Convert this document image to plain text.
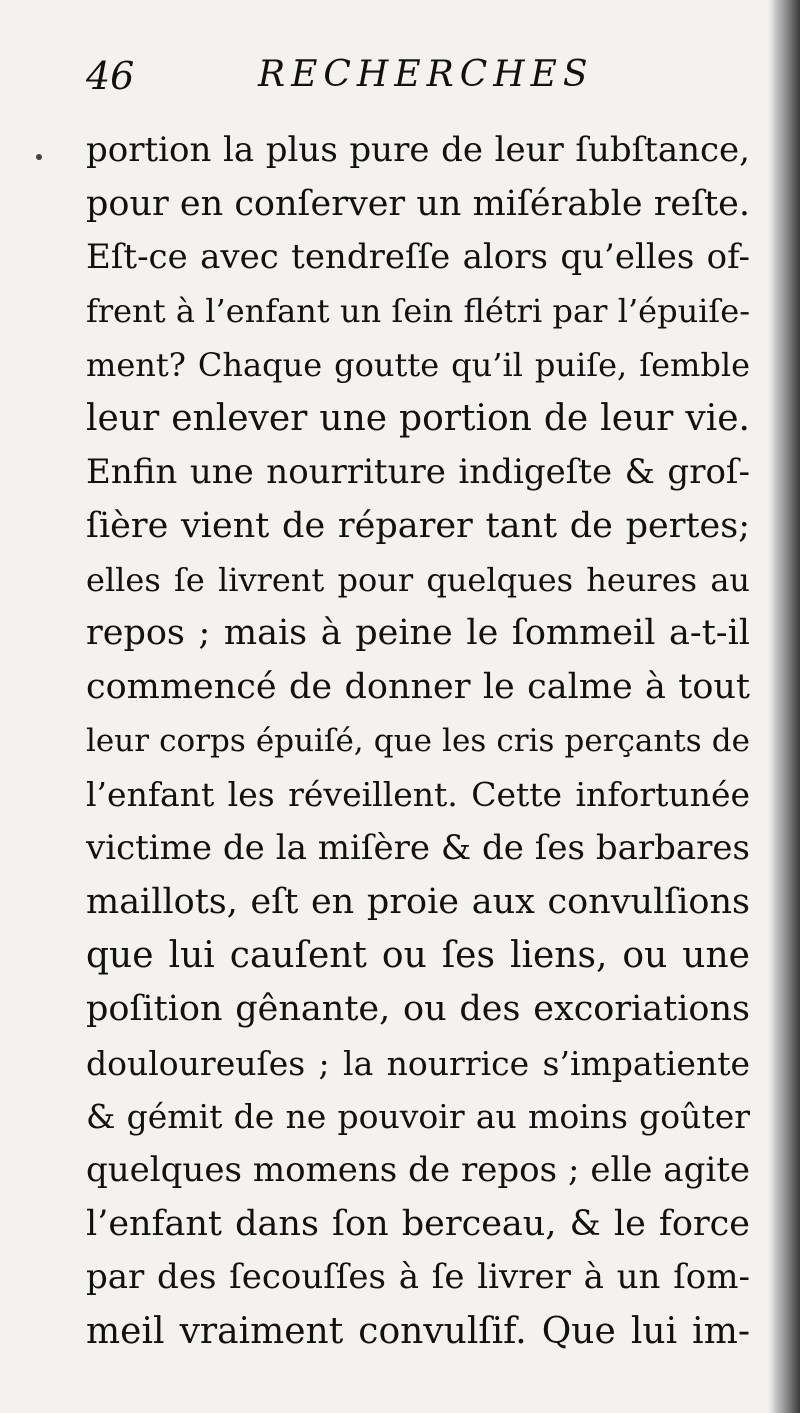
46	RECHERCHES
portion la plus pure de leur ſubſtance,
pour en conſerver un miſérable reſte.
Eſt-ce avec tendreſſe alors qu’elles of-
frent à l’enfant un ſein flétri par l’épuiſe-
ment? Chaque goutte qu’il puiſe, ſemble
leur enlever une portion de leur vie.
Enfin une nourriture indigeſte & groſ-
ſière vient de réparer tant de pertes;
elles ſe livrent pour quelques heures au
repos ; mais à peine le ſommeil a-t-il
commencé de donner le calme à tout
leur corps épuiſé, que les cris perçants de
l’enfant les réveillent. Cette infortunée
victime de la miſère & de ſes barbares
maillots, eſt en proie aux convulſions
que lui cauſent ou ſes liens, ou une
poſition gênante, ou des excoriations
douloureuſes ; la nourrice s’impatiente
& gémit de ne pouvoir au moins goûter
quelques momens de repos ; elle agite
l’enfant dans ſon berceau, & le force
par des ſecouſſes à ſe livrer à un ſom-
meil vraiment convulſif. Que lui im-
